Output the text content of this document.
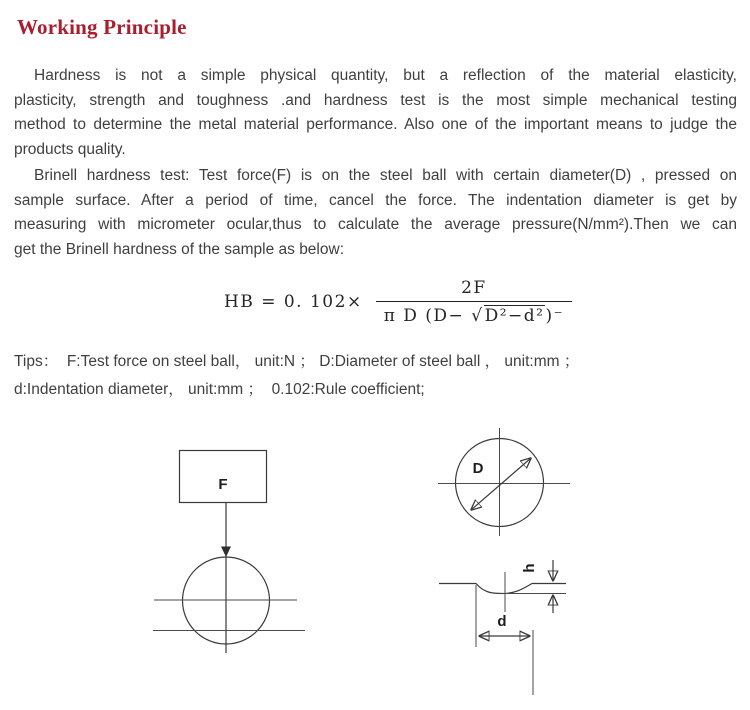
Working Principle
Hardness is not a simple physical quantity, but a reflection of the material elasticity,
plasticity, strength and toughness .and hardness test is the most simple mechanical testing
method to determine the metal material performance. Also one of the important means to judge the
products quality.
Brinell hardness test: Test force(F) is on the steel ball with certain diameter(D) , pressed on
sample surface. After a period of time, cancel the force. The indentation diameter is get by
measuring with micrometer ocular,thus to calculate the average pressure(N/mm²).Then we can
get the Brinell hardness of the sample as below:
HB = 0. $102\times \frac{2F}{\text{π D (D− √D²−d²)⁻}}$
Tips：  F:Test force on steel ball， unit:N ； D:Diameter of steel ball ， unit:mm ；
d:Indentation diameter， unit:mm ；  0.102:Rule coefficient;
F
D
h
d
